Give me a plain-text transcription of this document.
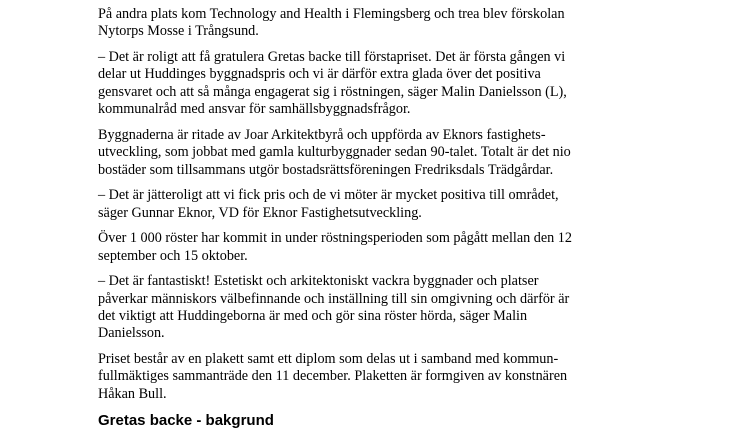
På andra plats kom Technology and Health i Flemingsberg och trea blev förskolan
Nytorps Mosse i Trångsund.
– Det är roligt att få gratulera Gretas backe till förstapriset. Det är första gången vi
delar ut Huddinges byggnadspris och vi är därför extra glada över det positiva
gensvaret och att så många engagerat sig i röstningen, säger Malin Danielsson (L),
kommunalråd med ansvar för samhällsbyggnadsfrågor.
Byggnaderna är ritade av Joar Arkitektbyrå och uppförda av Eknors fastighets-
utveckling, som jobbat med gamla kulturbyggnader sedan 90-talet. Totalt är det nio
bostäder som tillsammans utgör bostadsrättsföreningen Fredriksdals Trädgårdar.
– Det är jätteroligt att vi fick pris och de vi möter är mycket positiva till området,
säger Gunnar Eknor, VD för Eknor Fastighetsutveckling.
Över 1 000 röster har kommit in under röstningsperioden som pågått mellan den 12
september och 15 oktober.
– Det är fantastiskt! Estetiskt och arkitektoniskt vackra byggnader och platser
påverkar människors välbefinnande och inställning till sin omgivning och därför är
det viktigt att Huddingeborna är med och gör sina röster hörda, säger Malin
Danielsson.
Priset består av en plakett samt ett diplom som delas ut i samband med kommun-
fullmäktiges sammanträde den 11 december. Plaketten är formgiven av konstnären
Håkan Bull.
Gretas backe - bakgrund
